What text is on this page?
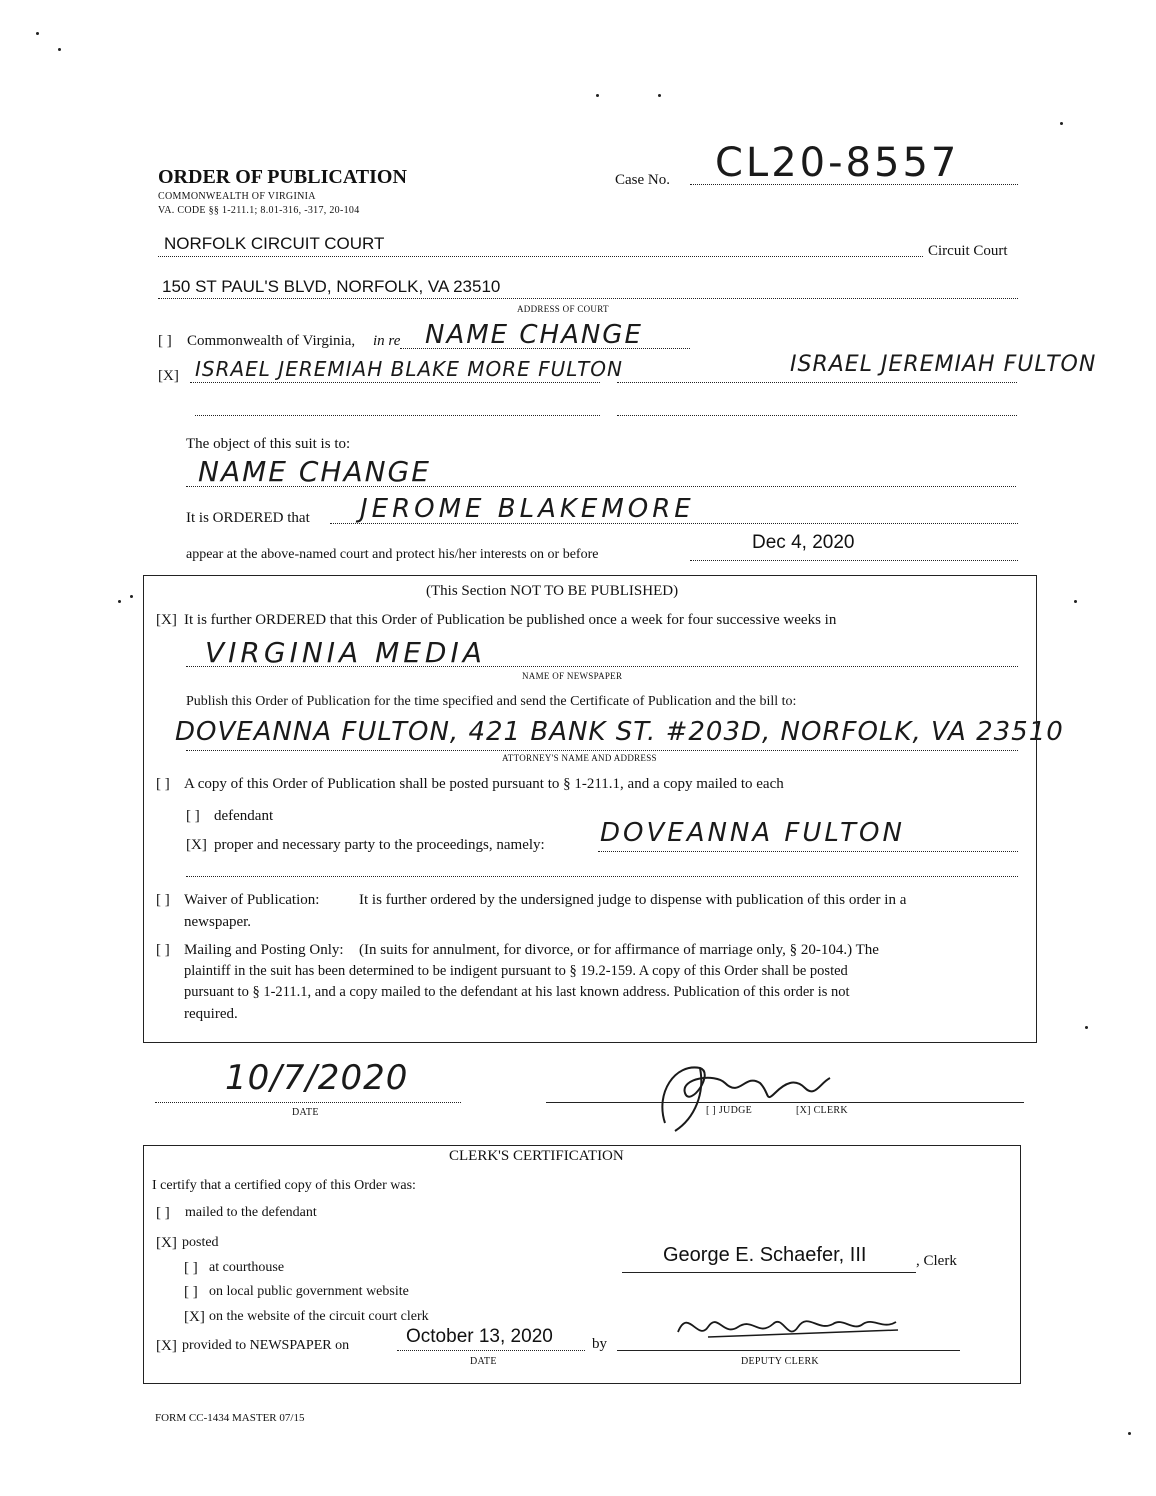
ORDER OF PUBLICATION
COMMONWEALTH OF VIRGINIA
VA. CODE §§ 1-211.1; 8.01-316, -317, 20-104
Case No. CL20-8557
NORFOLK CIRCUIT COURT	Circuit Court
150 ST PAUL'S BLVD, NORFOLK, VA 23510
ADDRESS OF COURT
[ ] Commonwealth of Virginia, in re NAME CHANGE
[X] ISRAEL JEREMIAH BLAKE MORE FULTON	ISRAEL JEREMIAH FULTON
The object of this suit is to:
NAME CHANGE
It is ORDERED that JEROME BLAKEMORE
appear at the above-named court and protect his/her interests on or before
Dec 4, 2020
(This Section NOT TO BE PUBLISHED)
[X] It is further ORDERED that this Order of Publication be published once a week for four successive weeks in
VIRGINIA MEDIA
NAME OF NEWSPAPER
Publish this Order of Publication for the time specified and send the Certificate of Publication and the bill to:
DOVEANNA FULTON, 421 BANK ST. #203D, NORFOLK, VA 23510
ATTORNEY'S NAME AND ADDRESS
[ ] A copy of this Order of Publication shall be posted pursuant to § 1-211.1, and a copy mailed to each
[ ] defendant
[X] proper and necessary party to the proceedings, namely: DOVEANNA FULTON
[ ] Waiver of Publication:	It is further ordered by the undersigned judge to dispense with publication of this order in a
newspaper.
[ ] Mailing and Posting Only: (In suits for annulment, for divorce, or for affirmance of marriage only, § 20-104.) The
plaintiff in the suit has been determined to be indigent pursuant to § 19.2-159. A copy of this Order shall be posted
pursuant to § 1-211.1, and a copy mailed to the defendant at his last known address. Publication of this order is not
required.
10/7/2020
DATE	[ ] JUDGE	[X] CLERK
CLERK'S CERTIFICATION
I certify that a certified copy of this Order was:
[ ] mailed to the defendant
[X] posted
[ ] at courthouse
[ ] on local public government website
[X] on the website of the circuit court clerk
[X] provided to NEWSPAPER on	October 13, 2020
DATE
by
George E. Schaefer, III	, Clerk
DEPUTY CLERK
FORM CC-1434 MASTER 07/15
